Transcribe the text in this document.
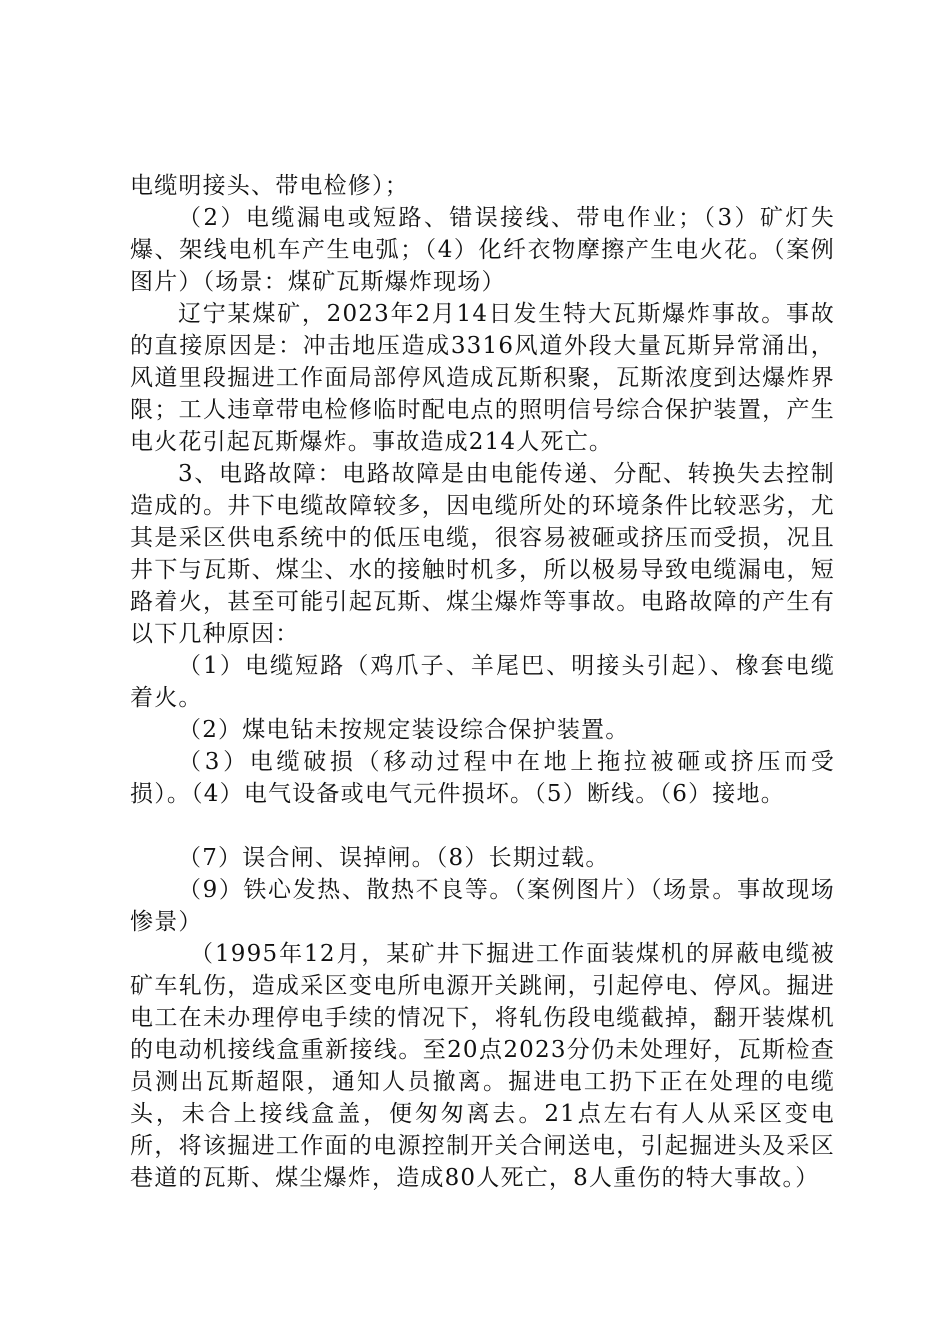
电缆明接头、带电检修）；

（2）电缆漏电或短路、错误接线、带电作业；（3）矿灯失爆、架线电机车产生电弧；（4）化纤衣物摩擦产生电火花。（案例图片）（场景：煤矿瓦斯爆炸现场）

辽宁某煤矿，2023年2月14日发生特大瓦斯爆炸事故。事故的直接原因是：冲击地压造成3316风道外段大量瓦斯异常涌出，风道里段掘进工作面局部停风造成瓦斯积聚，瓦斯浓度到达爆炸界限；工人违章带电检修临时配电点的照明信号综合保护装置，产生电火花引起瓦斯爆炸。事故造成214人死亡。

3、电路故障：电路故障是由电能传递、分配、转换失去控制造成的。井下电缆故障较多，因电缆所处的环境条件比较恶劣，尤其是采区供电系统中的低压电缆，很容易被砸或挤压而受损，况且井下与瓦斯、煤尘、水的接触时机多，所以极易导致电缆漏电，短路着火，甚至可能引起瓦斯、煤尘爆炸等事故。电路故障的产生有以下几种原因：

（1）电缆短路（鸡爪子、羊尾巴、明接头引起）、橡套电缆着火。

（2）煤电钻未按规定装设综合保护装置。

（3）电缆破损（移动过程中在地上拖拉被砸或挤压而受损）。（4）电气设备或电气元件损坏。（5）断线。（6）接地。

（7）误合闸、误掉闸。（8）长期过载。

（9）铁心发热、散热不良等。（案例图片）（场景。事故现场惨景）

（1995年12月，某矿井下掘进工作面装煤机的屏蔽电缆被矿车轧伤，造成采区变电所电源开关跳闸，引起停电、停风。掘进电工在未办理停电手续的情况下，将轧伤段电缆截掉，翻开装煤机的电动机接线盒重新接线。至20点2023分仍未处理好，瓦斯检查员测出瓦斯超限，通知人员撤离。掘进电工扔下正在处理的电缆头，未合上接线盒盖，便匆匆离去。21点左右有人从采区变电所，将该掘进工作面的电源控制开关合闸送电，引起掘进头及采区巷道的瓦斯、煤尘爆炸，造成80人死亡，8人重伤的特大事故。）
